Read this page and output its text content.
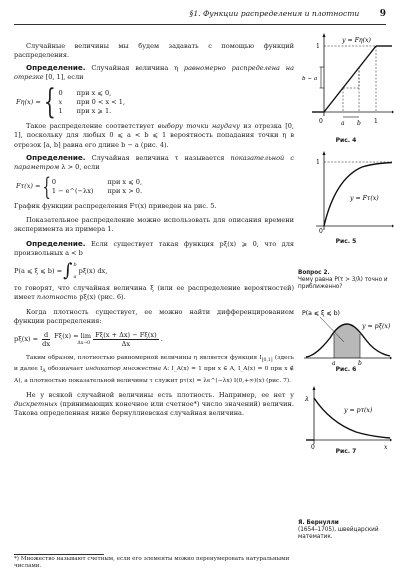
§1. Функции распределения и плотности 9
Случайные величины мы будем задавать с помощью функций распределения.
Определение. Случайная величина η равномерно распределена на отрезке [0, 1], если
Fη(x) = { 0 при x ⩽ 0,
x при 0 < x < 1,
1 при x ⩾ 1.
Такое распределение соответствует выбору точки наудачу из отрезка [0, 1], поскольку для любых 0 ⩽ a < b ⩽ 1 вероятность попадания точки η в отрезок [a, b] равна его длине b − a (рис. 4).
Определение. Случайная величина τ называется показательной с параметром λ > 0, если
Fτ(x) = { 0	при x ⩽ 0,
1 − e^(−λx) при x > 0.
График функции распределения Fτ(x) приведен на рис. 5.
Показательное распределение можно использовать для описания времени эксперимента из примера 1.
Определение. Если существует такая функция pξ(x) ⩾ 0, что для произвольных a < b
P(a ⩽ ξ ⩽ b) = ∫ b
a
pξ(x) dx,
то говорят, что случайная величина ξ (или ее распределение вероятностей) имеет плотность pξ(x) (рис. 6).
Когда плотность существует, ее можно найти дифференцированием функции распределения:
$p\xi(x) = \frac{d}{dx} F\xi(x) = \lim$
$\Delta x\to 0 \frac{F\xi(x + \Delta x) - F\xi(x)}{\Delta x}$ .
Таким образом, плотностью равномерной величины η является функция $I_{[0,1]}$ (здесь и далее $I_A$ обозначает индикатор множества A: I_A(x) = 1 при x ∈ A, I_A(x) = 0 при x ∉ A), а плотностью показательной величины τ служит pτ(x) = λe^(−λx) I(0,+∞)(x) (рис. 7).
Не у всякой случайной величины есть плотность. Например, ее нет у дискретных (принимающих конечное или счетное*) число значений) величин. Такова определенная ниже бернуллиевская случайная величина.
*) Множество называют счетным, если его элементы можно перенумеровать натуральными числами.
y = Fη(x)
1
b − a
0	a b 1
Рис. 4
y = Fτ(x)
1
0
Рис. 5
Вопрос 2.
Чему равна P(τ > 3/λ) точно и приближенно?
P(a ⩽ ξ ⩽ b)
y = pξ(x)
a	b
Рис. 6
y = pτ(x)
λ
0	x
Рис. 7
Я. Бернулли
(1654–1705), швейцарский математик.
